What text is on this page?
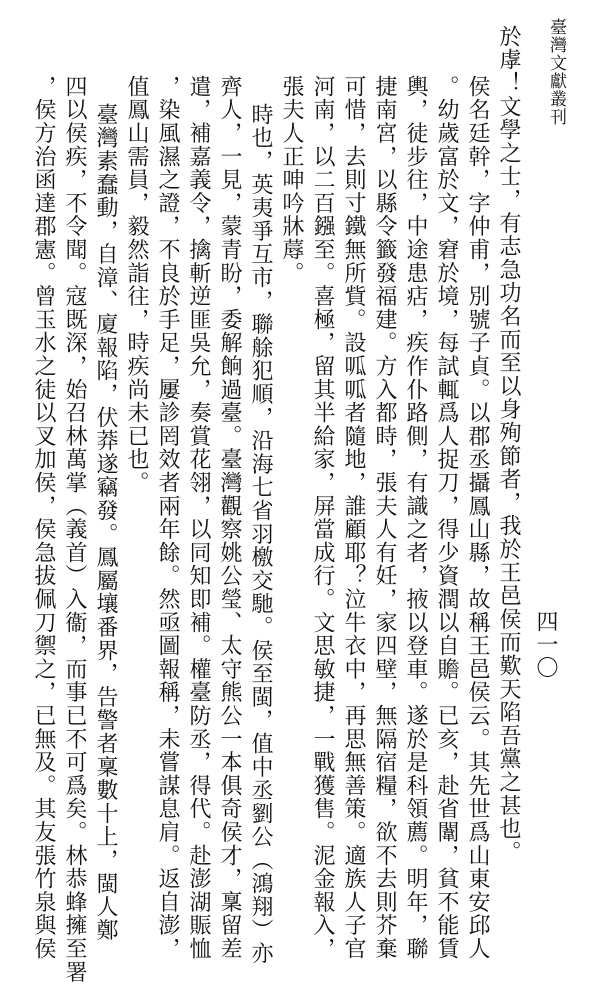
臺灣文獻叢刊
於虖！文學之士，有志急功名而至以身殉節者，我於王邑侯而歎天陷吾黨之甚也。
侯名廷幹，字仲甫，別號子貞。以郡丞攝鳳山縣，故稱王邑侯云。其先世爲山東安邱人
。幼歲富於文，窘於境，每試輒爲人捉刀，得少資潤以自贍。已亥，赴省闈，貧不能賃
輿，徒步往，中途患痁，疾作仆路側，有識之者，掖以登車。遂於是科領薦。明年，聯
捷南宮，以縣令籤發福建。方入都時，張夫人有妊，家四壁，無隔宿糧，欲不去則芥棄
可惜，去則寸鐵無所貲。設呱呱者隨地，誰顧耶？泣牛衣中，再思無善策。適族人子官
河南，以二百鏹至。喜極，留其半給家，屏當成行。文思敏捷，一戰獲售。泥金報入，
張夫人正呻吟牀蓐。
時也，英夷爭互市，聯艅犯順，沿海七省羽檄交馳。侯至閩，值中丞劉公（鴻翔）亦
齊人，一見，蒙青盼，委解餉過臺。臺灣觀察姚公瑩、太守熊公一本俱奇侯才，稟留差
遣，補嘉義令，擒斬逆匪吳允，奏賞花翎，以同知即補。權臺防丞，得代。赴澎湖賑恤
，染風濕之證，不良於手足，屢診罔效者兩年餘。然亟圖報稱，未嘗謀息肩。返自澎，
值鳳山需員，毅然詣往，時疾尚未已也。
臺灣素蠢動，自漳、廈報陷，伏莽遂竊發。鳳屬壤番界，告警者稟數十上，閩人鄭
四以侯疾，不令聞。寇既深，始召林萬掌（義首）入衞，而事已不可爲矣。林恭蜂擁至署
，侯方治函達郡憲。曾玉水之徒以叉加侯，侯急拔佩刀禦之，已無及。其友張竹泉與侯	四一〇
